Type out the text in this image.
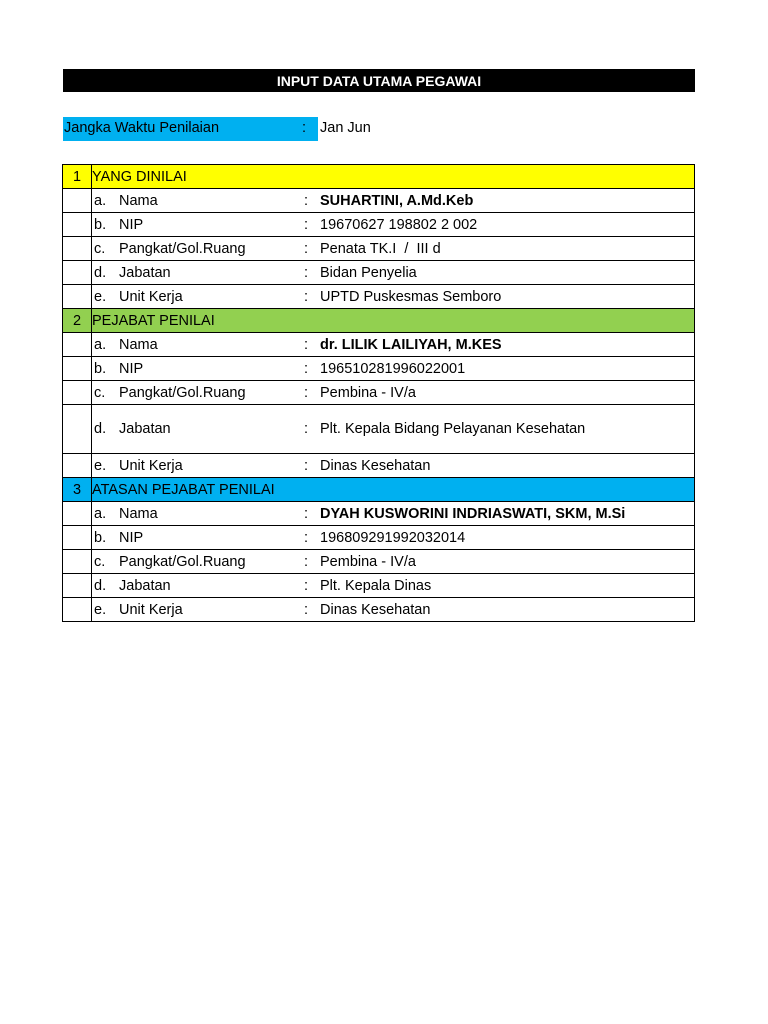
INPUT DATA UTAMA PEGAWAI
Jangka Waktu Penilaian	: Jan Jun
1	YANG DINILAI

	a. Nama : SUHARTINI, A.Md.Keb

	b. NIP : 19670627 198802 2 002

	c. Pangkat/Gol.Ruang : Penata TK.I  /  III d

	d. Jabatan : Bidan Penyelia

	e. Unit Kerja : UPTD Puskesmas Semboro

2	PEJABAT PENILAI

	a. Nama : dr. LILIK LAILIYAH, M.KES

	b. NIP : 196510281996022001

	c. Pangkat/Gol.Ruang : Pembina - IV/a

	d. Jabatan : Plt. Kepala Bidang Pelayanan Kesehatan

	e. Unit Kerja : Dinas Kesehatan

3	ATASAN PEJABAT PENILAI

	a. Nama : DYAH KUSWORINI INDRIASWATI, SKM, M.Si

	b. NIP : 196809291992032014

	c. Pangkat/Gol.Ruang : Pembina - IV/a

	d. Jabatan : Plt. Kepala Dinas

	e. Unit Kerja : Dinas Kesehatan
